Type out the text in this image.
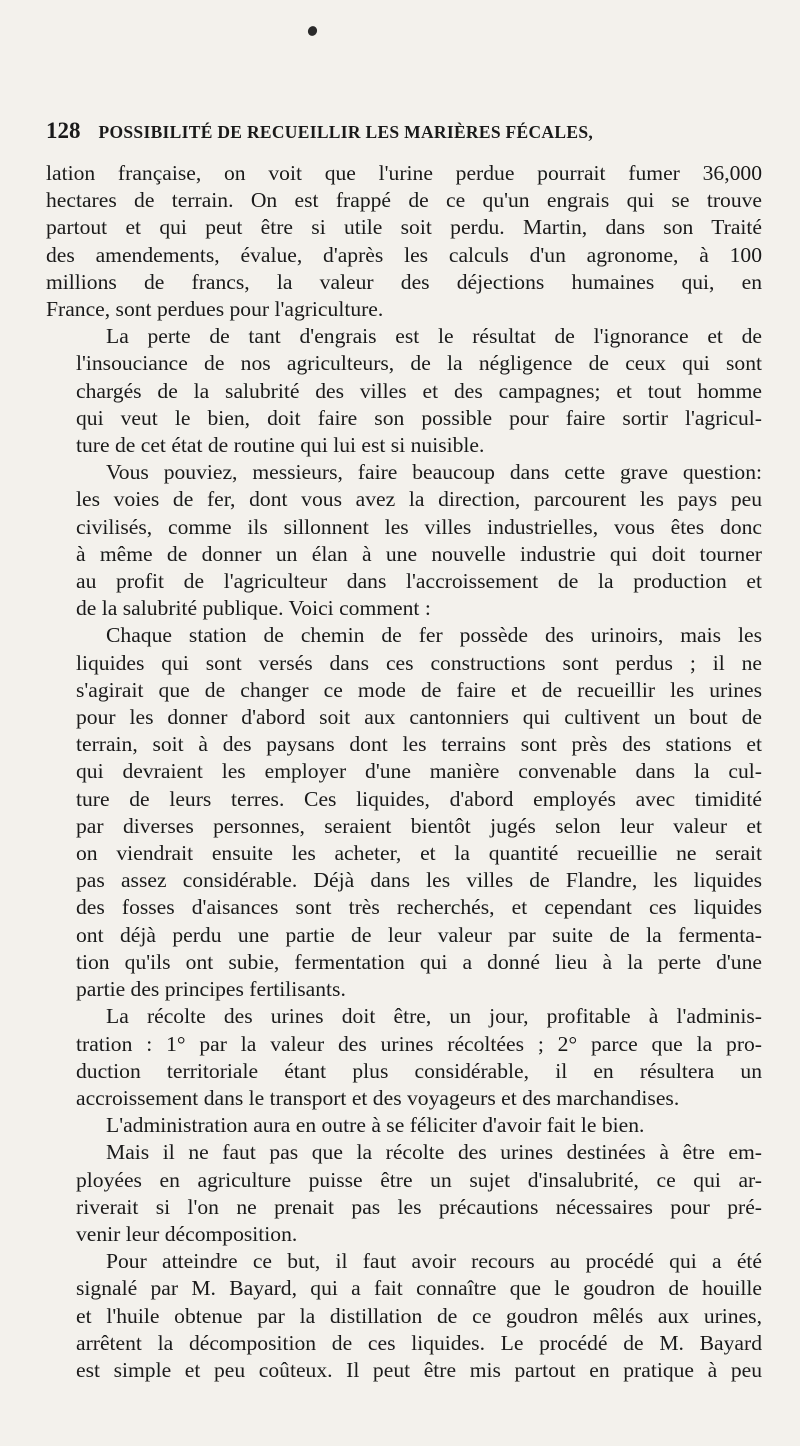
128 POSSIBILITÉ DE RECUEILLIR LES MARIÈRES FÉCALES,
lation française, on voit que l'urine perdue pourrait fumer 36,000
hectares de terrain. On est frappé de ce qu'un engrais qui se trouve
partout et qui peut être si utile soit perdu. Martin, dans son Traité
des amendements, évalue, d'après les calculs d'un agronome, à 100
millions de francs, la valeur des déjections humaines qui, en
France, sont perdues pour l'agriculture.
La perte de tant d'engrais est le résultat de l'ignorance et de
l'insouciance de nos agriculteurs, de la négligence de ceux qui sont
chargés de la salubrité des villes et des campagnes; et tout homme
qui veut le bien, doit faire son possible pour faire sortir l'agricul-
ture de cet état de routine qui lui est si nuisible.
Vous pouviez, messieurs, faire beaucoup dans cette grave question:
les voies de fer, dont vous avez la direction, parcourent les pays peu
civilisés, comme ils sillonnent les villes industrielles, vous êtes donc
à même de donner un élan à une nouvelle industrie qui doit tourner
au profit de l'agriculteur dans l'accroissement de la production et
de la salubrité publique. Voici comment :
Chaque station de chemin de fer possède des urinoirs, mais les
liquides qui sont versés dans ces constructions sont perdus ; il ne
s'agirait que de changer ce mode de faire et de recueillir les urines
pour les donner d'abord soit aux cantonniers qui cultivent un bout de
terrain, soit à des paysans dont les terrains sont près des stations et
qui devraient les employer d'une manière convenable dans la cul-
ture de leurs terres. Ces liquides, d'abord employés avec timidité
par diverses personnes, seraient bientôt jugés selon leur valeur et
on viendrait ensuite les acheter, et la quantité recueillie ne serait
pas assez considérable. Déjà dans les villes de Flandre, les liquides
des fosses d'aisances sont très recherchés, et cependant ces liquides
ont déjà perdu une partie de leur valeur par suite de la fermenta-
tion qu'ils ont subie, fermentation qui a donné lieu à la perte d'une
partie des principes fertilisants.
La récolte des urines doit être, un jour, profitable à l'adminis-
tration : 1° par la valeur des urines récoltées ; 2° parce que la pro-
duction territoriale étant plus considérable, il en résultera un
accroissement dans le transport et des voyageurs et des marchandises.
L'administration aura en outre à se féliciter d'avoir fait le bien.
Mais il ne faut pas que la récolte des urines destinées à être em-
ployées en agriculture puisse être un sujet d'insalubrité, ce qui ar-
riverait si l'on ne prenait pas les précautions nécessaires pour pré-
venir leur décomposition.
Pour atteindre ce but, il faut avoir recours au procédé qui a été
signalé par M. Bayard, qui a fait connaître que le goudron de houille
et l'huile obtenue par la distillation de ce goudron mêlés aux urines,
arrêtent la décomposition de ces liquides. Le procédé de M. Bayard
est simple et peu coûteux. Il peut être mis partout en pratique à peu
